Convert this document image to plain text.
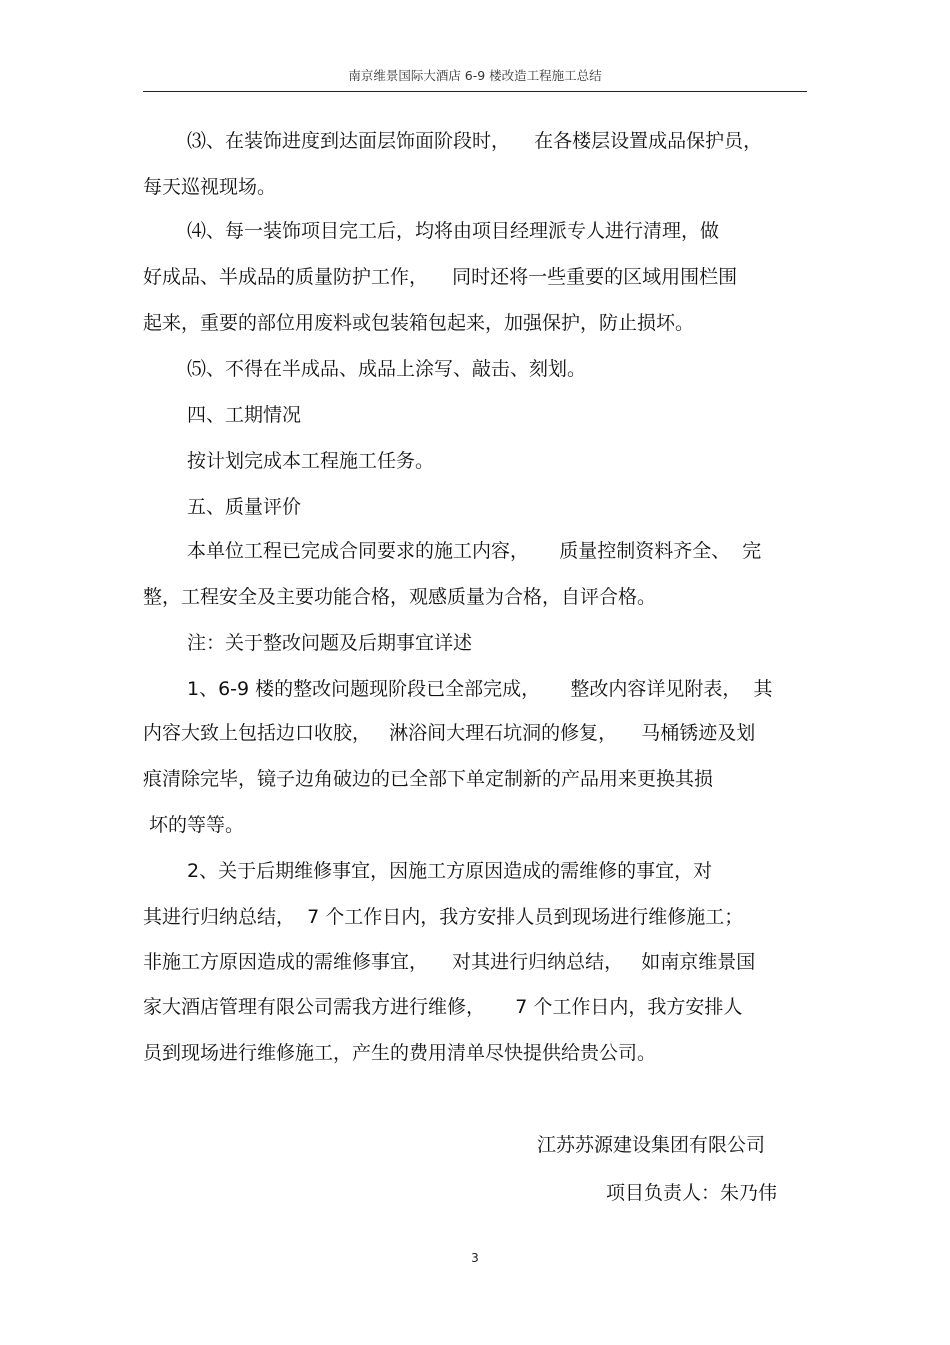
南京维景国际大酒店 6-9 楼改造工程施工总结
⑶、在装饰进度到达面层饰面阶段时，    在各楼层设置成品保护员，
每天巡视现场。
⑷、每一装饰项目完工后，均将由项目经理派专人进行清理，做
好成品、半成品的质量防护工作，    同时还将一些重要的区域用围栏围
起来，重要的部位用废料或包装箱包起来，加强保护，防止损坏。
⑸、不得在半成品、成品上涂写、敲击、刻划。
四、工期情况
按计划完成本工程施工任务。
五、质量评价
本单位工程已完成合同要求的施工内容，     质量控制资料齐全、  完
整，工程安全及主要功能合格，观感质量为合格，自评合格。
注：关于整改问题及后期事宜详述
1、6-9 楼的整改问题现阶段已全部完成，     整改内容详见附表，  其
内容大致上包括边口收胶，   淋浴间大理石坑洞的修复，    马桶锈迹及划
痕清除完毕，镜子边角破边的已全部下单定制新的产品用来更换其损
坏的等等。
2、关于后期维修事宜，因施工方原因造成的需维修的事宜，对
其进行归纳总结，  7 个工作日内，我方安排人员到现场进行维修施工；
非施工方原因造成的需维修事宜，    对其进行归纳总结，   如南京维景国
家大酒店管理有限公司需我方进行维修，     7 个工作日内，我方安排人
员到现场进行维修施工，产生的费用清单尽快提供给贵公司。
江苏苏源建设集团有限公司
项目负责人：朱乃伟
3
